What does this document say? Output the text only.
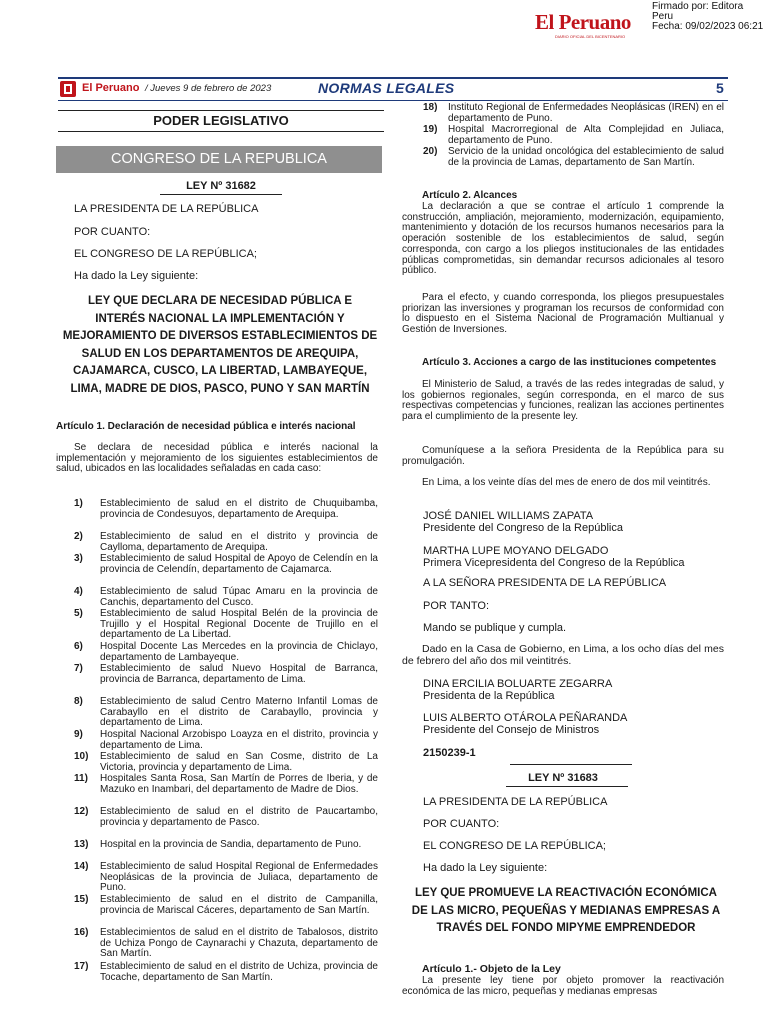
El Peruano
DIARIO OFICIAL DEL BICENTENARIO
Firmado por: Editora
Peru
Fecha: 09/02/2023 06:21
El Peruano / Jueves 9 de febrero de 2023	NORMAS LEGALES	5
PODER LEGISLATIVO
CONGRESO DE LA REPUBLICA
LEY Nº 31682
LA PRESIDENTA DE LA REPÚBLICA
POR CUANTO:
EL CONGRESO DE LA REPÚBLICA;
Ha dado la Ley siguiente:
LEY QUE DECLARA DE NECESIDAD PÚBLICA E INTERÉS NACIONAL LA IMPLEMENTACIÓN Y MEJORAMIENTO DE DIVERSOS ESTABLECIMIENTOS DE SALUD EN LOS DEPARTAMENTOS DE AREQUIPA, CAJAMARCA, CUSCO, LA LIBERTAD, LAMBAYEQUE, LIMA, MADRE DE DIOS, PASCO, PUNO Y SAN MARTÍN
Artículo 1. Declaración de necesidad pública e interés nacional
Se declara de necesidad pública e interés nacional la implementación y mejoramiento de los siguientes establecimientos de salud, ubicados en las localidades señaladas en cada caso:
1)	Establecimiento de salud en el distrito de Chuquibamba, provincia de Condesuyos, departamento de Arequipa.
2)	Establecimiento de salud en el distrito y provincia de Caylloma, departamento de Arequipa.
3)	Establecimiento de salud Hospital de Apoyo de Celendín en la provincia de Celendín, departamento de Cajamarca.
4)	Establecimiento de salud Túpac Amaru en la provincia de Canchis, departamento del Cusco.
5)	Establecimiento de salud Hospital Belén de la provincia de Trujillo y el Hospital Regional Docente de Trujillo en el departamento de La Libertad.
6)	Hospital Docente Las Mercedes en la provincia de Chiclayo, departamento de Lambayeque.
7)	Establecimiento de salud Nuevo Hospital de Barranca, provincia de Barranca, departamento de Lima.
8)	Establecimiento de salud Centro Materno Infantil Lomas de Carabayllo en el distrito de Carabayllo, provincia y departamento de Lima.
9)	Hospital Nacional Arzobispo Loayza en el distrito, provincia y departamento de Lima.
10)	Establecimiento de salud en San Cosme, distrito de La Victoria, provincia y departamento de Lima.
11)	Hospitales Santa Rosa, San Martín de Porres de Iberia, y de Mazuko en Inambari, del departamento de Madre de Dios.
12)	Establecimiento de salud en el distrito de Paucartambo, provincia y departamento de Pasco.
13)	Hospital en la provincia de Sandia, departamento de Puno.
14)	Establecimiento de salud Hospital Regional de Enfermedades Neoplásicas de la provincia de Juliaca, departamento de Puno.
15)	Establecimiento de salud en el distrito de Campanilla, provincia de Mariscal Cáceres, departamento de San Martín.
16)	Establecimientos de salud en el distrito de Tabalosos, distrito de Uchiza Pongo de Caynarachi y Chazuta, departamento de San Martín.
17)	Establecimiento de salud en el distrito de Uchiza, provincia de Tocache, departamento de San Martín.
18)	Instituto Regional de Enfermedades Neoplásicas (IREN) en el departamento de Puno.
19)	Hospital Macrorregional de Alta Complejidad en Juliaca, departamento de Puno.
20)	Servicio de la unidad oncológica del establecimiento de salud de la provincia de Lamas, departamento de San Martín.
Artículo 2. Alcances
La declaración a que se contrae el artículo 1 comprende la construcción, ampliación, mejoramiento, modernización, equipamiento, mantenimiento y dotación de los recursos humanos necesarios para la operación sostenible de los establecimientos de salud, según corresponda, con cargo a los pliegos institucionales de las entidades públicas comprometidas, sin demandar recursos adicionales al tesoro público.
Para el efecto, y cuando corresponda, los pliegos presupuestales priorizan las inversiones y programan los recursos de conformidad con lo dispuesto en el Sistema Nacional de Programación Multianual y Gestión de Inversiones.
Artículo 3. Acciones a cargo de las instituciones competentes
El Ministerio de Salud, a través de las redes integradas de salud, y los gobiernos regionales, según corresponda, en el marco de sus respectivas competencias y funciones, realizan las acciones pertinentes para el cumplimiento de la presente ley.
Comuníquese a la señora Presidenta de la República para su promulgación.
En Lima, a los veinte días del mes de enero de dos mil veintitrés.
JOSÉ DANIEL WILLIAMS ZAPATA
Presidente del Congreso de la República
MARTHA LUPE MOYANO DELGADO
Primera Vicepresidenta del Congreso de la República
A LA SEÑORA PRESIDENTA DE LA REPÚBLICA
POR TANTO:
Mando se publique y cumpla.
Dado en la Casa de Gobierno, en Lima, a los ocho días del mes de febrero del año dos mil veintitrés.
DINA ERCILIA BOLUARTE ZEGARRA
Presidenta de la República
LUIS ALBERTO OTÁROLA PEÑARANDA
Presidente del Consejo de Ministros
2150239-1
LEY Nº 31683
LA PRESIDENTA DE LA REPÚBLICA
POR CUANTO:
EL CONGRESO DE LA REPÚBLICA;
Ha dado la Ley siguiente:
LEY QUE PROMUEVE LA REACTIVACIÓN ECONÓMICA DE LAS MICRO, PEQUEÑAS Y MEDIANAS EMPRESAS A TRAVÉS DEL FONDO MIPYME EMPRENDEDOR
Artículo 1.- Objeto de la Ley
La presente ley tiene por objeto promover la reactivación económica de las micro, pequeñas y medianas empresas
